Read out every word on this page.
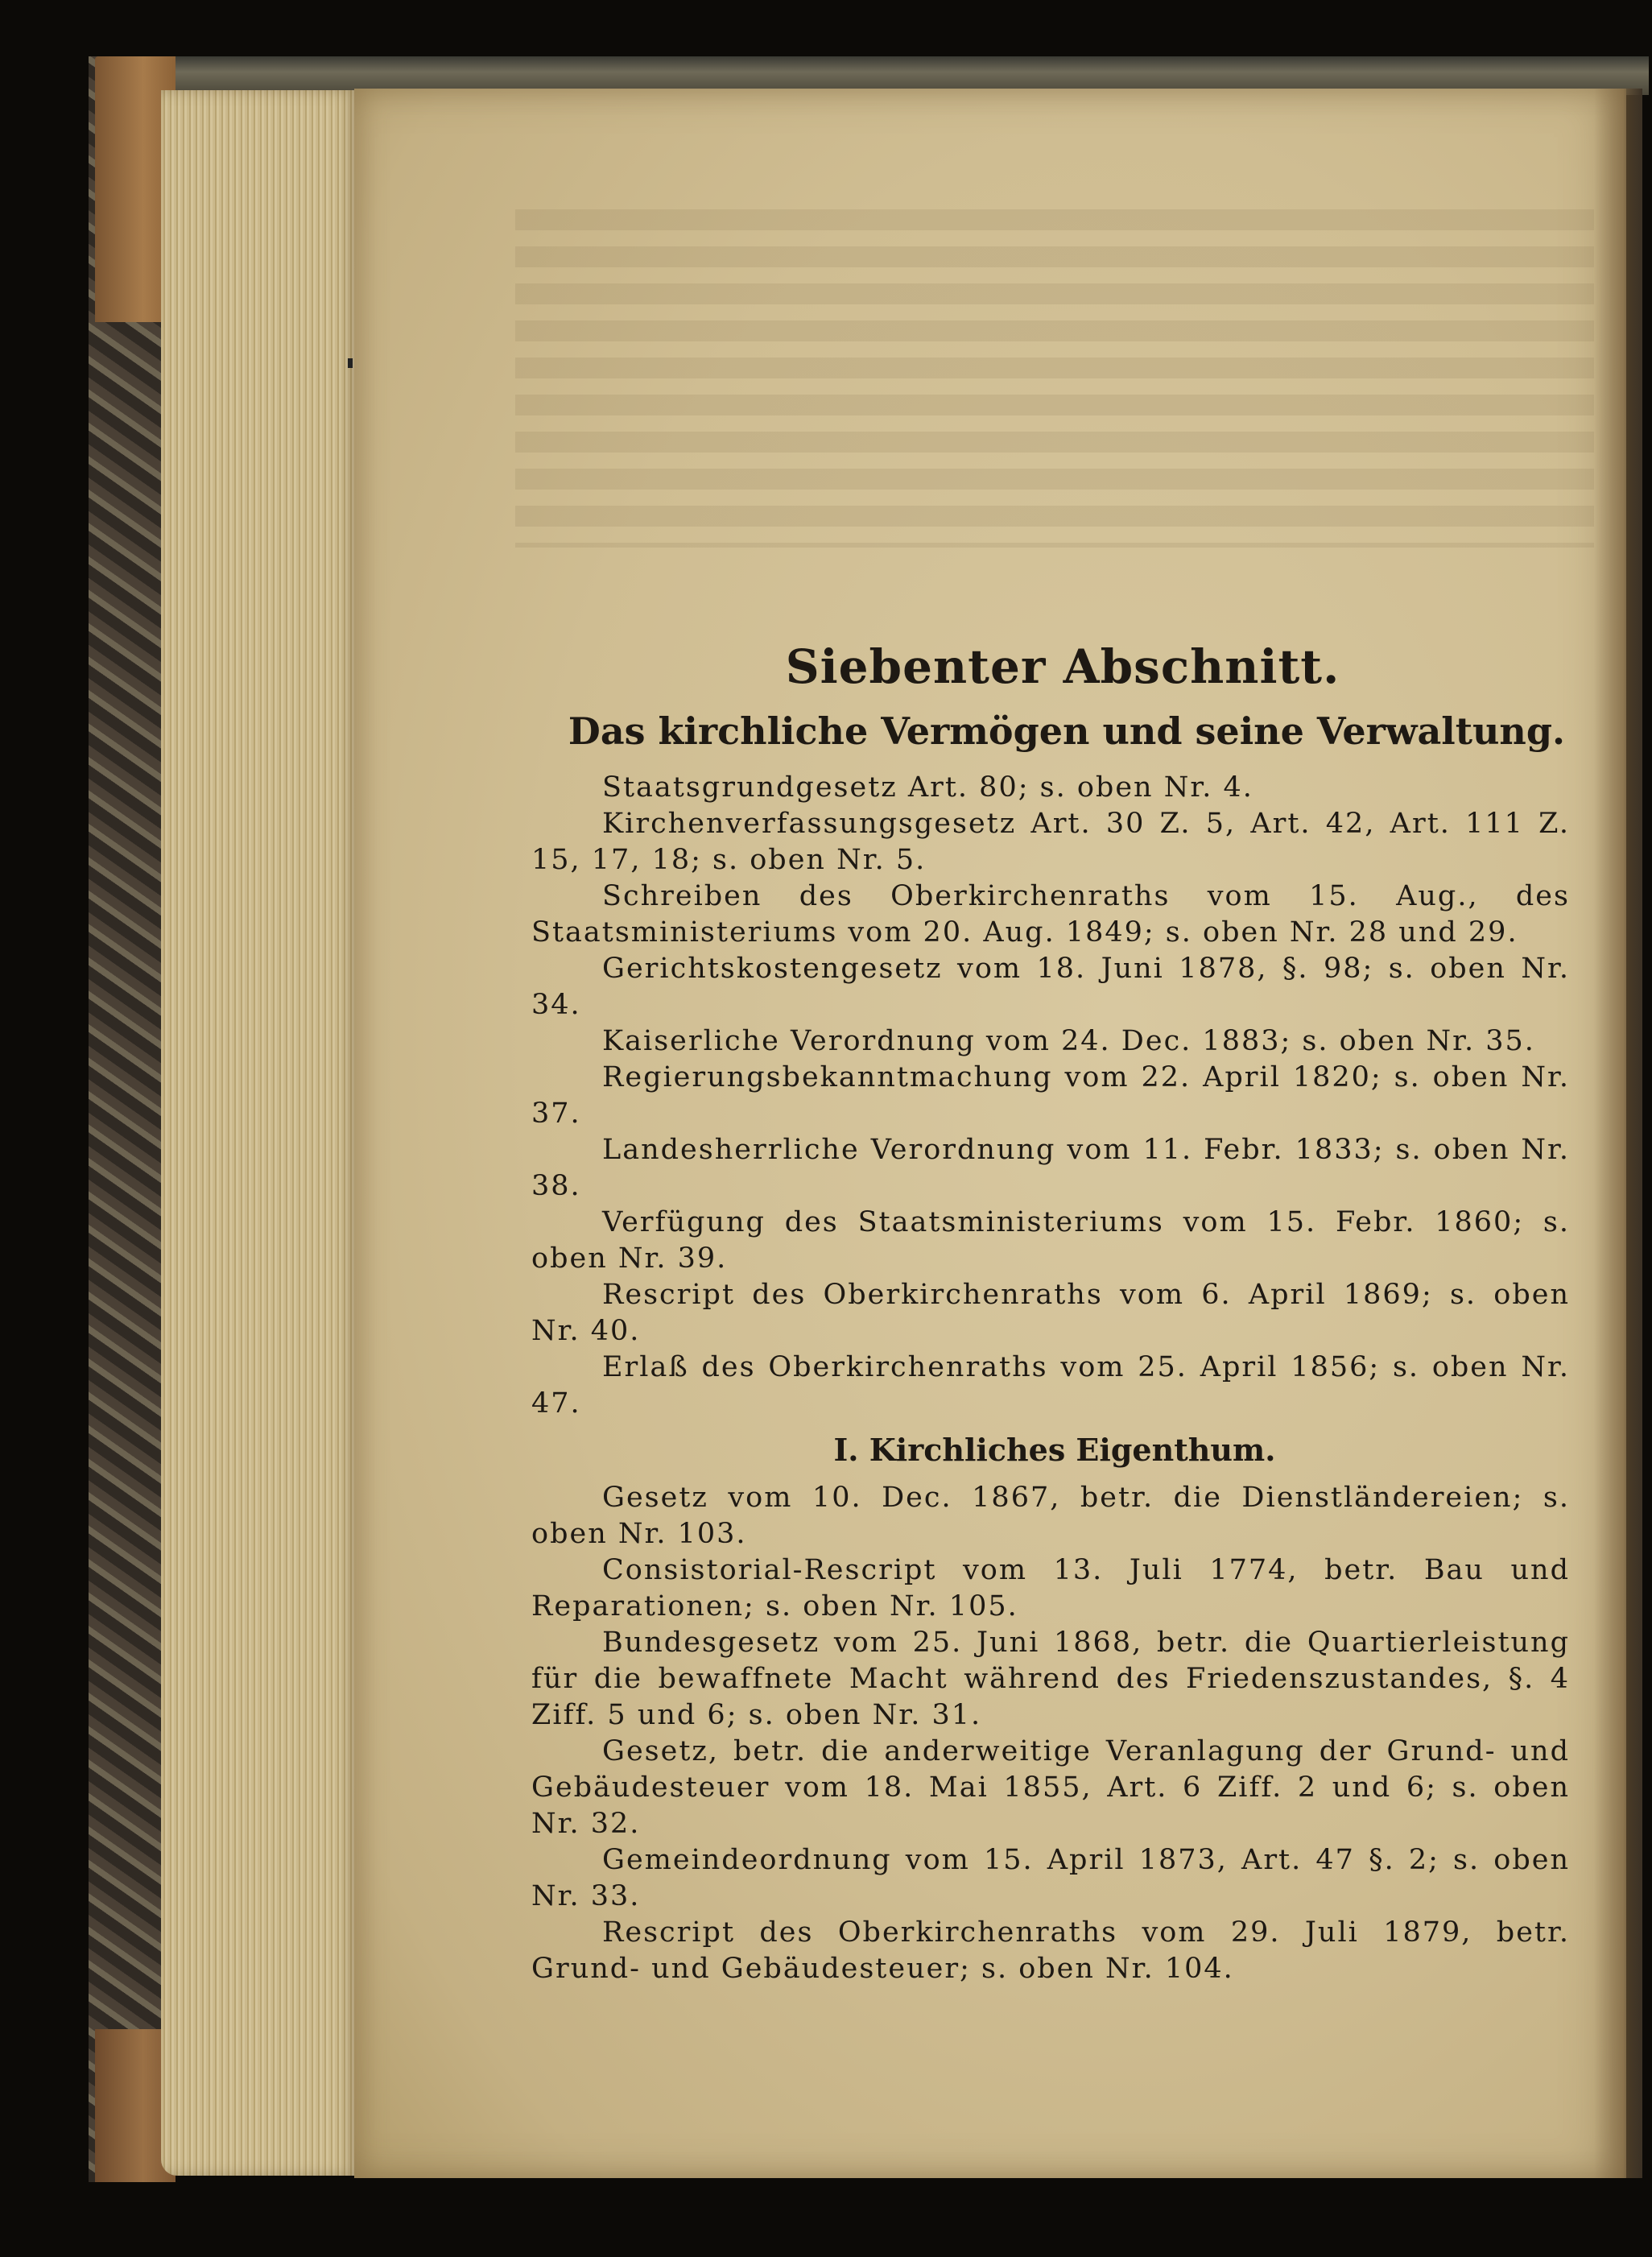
Siebenter Abschnitt.
Das kirchliche Vermögen und seine Verwaltung.

Staatsgrundgesetz Art. 80; s. oben Nr. 4.

Kirchenverfassungsgesetz Art. 30 Z. 5, Art. 42, Art. 111 Z. 15, 17, 18; s. oben Nr. 5.

Schreiben des Oberkirchenraths vom 15. Aug., des Staatsministeriums vom 20. Aug. 1849; s. oben Nr. 28 und 29.

Gerichtskostengesetz vom 18. Juni 1878, §. 98; s. oben Nr. 34.

Kaiserliche Verordnung vom 24. Dec. 1883; s. oben Nr. 35.

Regierungsbekanntmachung vom 22. April 1820; s. oben Nr. 37.

Landesherrliche Verordnung vom 11. Febr. 1833; s. oben Nr. 38.

Verfügung des Staatsministeriums vom 15. Febr. 1860; s. oben Nr. 39.

Rescript des Oberkirchenraths vom 6. April 1869; s. oben Nr. 40.

Erlaß des Oberkirchenraths vom 25. April 1856; s. oben Nr. 47.

I. Kirchliches Eigenthum.

Gesetz vom 10. Dec. 1867, betr. die Dienstländereien; s. oben Nr. 103.

Consistorial-Rescript vom 13. Juli 1774, betr. Bau und Reparationen; s. oben Nr. 105.

Bundesgesetz vom 25. Juni 1868, betr. die Quartierleistung für die bewaffnete Macht während des Friedenszustandes, §. 4 Ziff. 5 und 6; s. oben Nr. 31.

Gesetz, betr. die anderweitige Veranlagung der Grund- und Gebäudesteuer vom 18. Mai 1855, Art. 6 Ziff. 2 und 6; s. oben Nr. 32.

Gemeindeordnung vom 15. April 1873, Art. 47 §. 2; s. oben Nr. 33.

Rescript des Oberkirchenraths vom 29. Juli 1879, betr. Grund- und Gebäudesteuer; s. oben Nr. 104.
